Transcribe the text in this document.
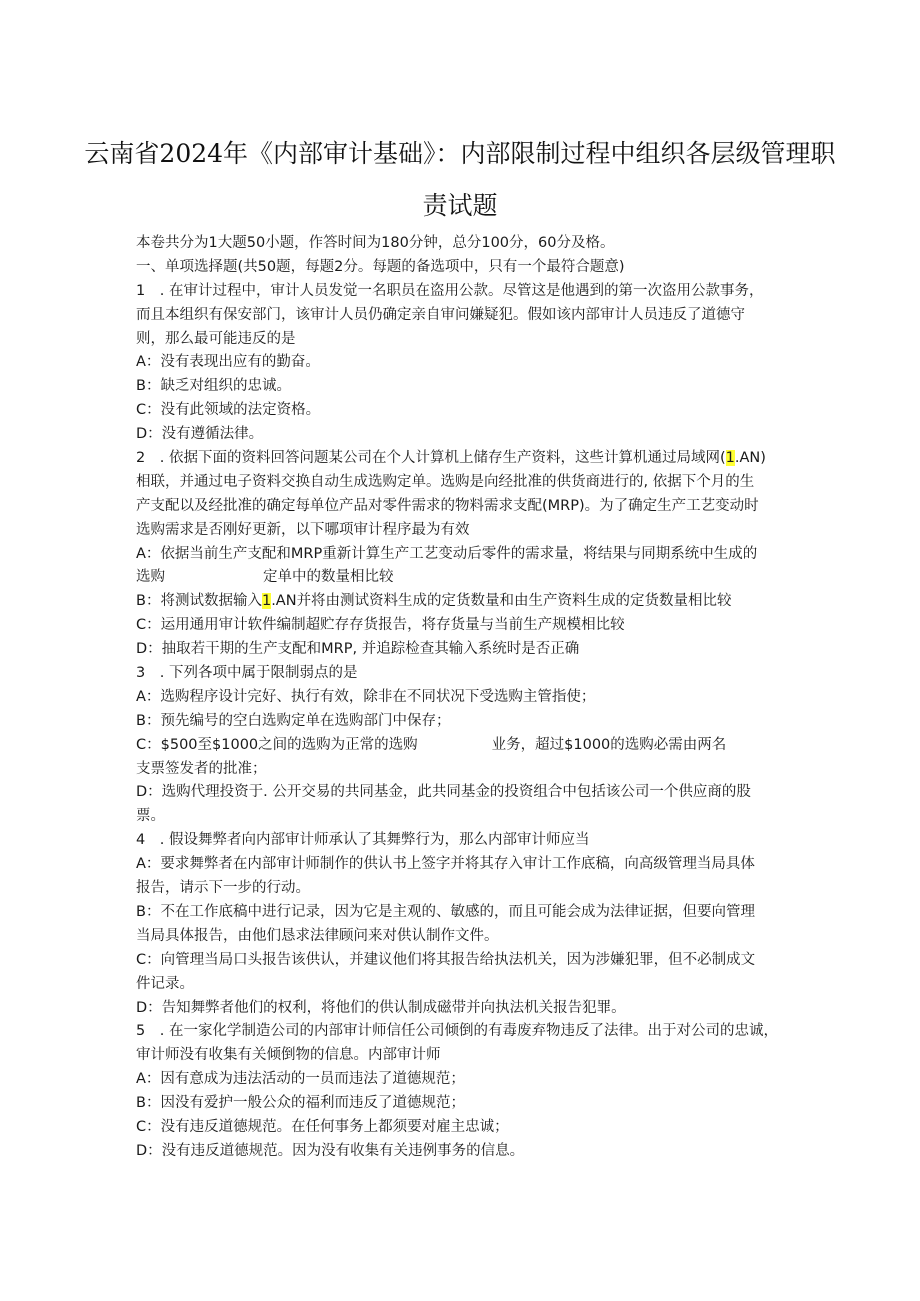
云南省2024年《内部审计基础》：内部限制过程中组织各层级管理职
责试题
本卷共分为1大题50小题，作答时间为180分钟，总分100分，60分及格。
一、单项选择题(共50题，每题2分。每题的备选项中，只有一个最符合题意)
1　. 在审计过程中，审计人员发觉一名职员在盗用公款。尽管这是他遇到的第一次盗用公款事务，
而且本组织有保安部门，该审计人员仍确定亲自审问嫌疑犯。假如该内部审计人员违反了道德守
则，那么最可能违反的是
A：没有表现出应有的勤奋。
B：缺乏对组织的忠诚。
C：没有此领域的法定资格。
D：没有遵循法律。
2　. 依据下面的资料回答问题某公司在个人计算机上储存生产资料，这些计算机通过局域网(1.AN)
相联，并通过电子资料交换自动生成选购定单。选购是向经批准的供货商进行的, 依据下个月的生
产支配以及经批准的确定每单位产品对零件需求的物料需求支配(MRP)。为了确定生产工艺变动时
选购需求是否刚好更新，以下哪项审计程序最为有效
A：依据当前生产支配和MRP重新计算生产工艺变动后零件的需求量，将结果与同期系统中生成的
选购	定单中的数量相比较
B：将测试数据输入1.AN并将由测试资料生成的定货数量和由生产资料生成的定货数量相比较
C：运用通用审计软件编制超贮存存货报告，将存货量与当前生产规模相比较
D：抽取若干期的生产支配和MRP, 并追踪检查其输入系统时是否正确
3　. 下列各项中属于限制弱点的是
A：选购程序设计完好、执行有效，除非在不同状况下受选购主管指使；
B：预先编号的空白选购定单在选购部门中保存；
C：$500至$1000之间的选购为正常的选购	业务，超过$1000的选购必需由两名
支票签发者的批准；
D：选购代理投资于. 公开交易的共同基金，此共同基金的投资组合中包括该公司一个供应商的股
票。
4　. 假设舞弊者向内部审计师承认了其舞弊行为，那么内部审计师应当
A：要求舞弊者在内部审计师制作的供认书上签字并将其存入审计工作底稿，向高级管理当局具体
报告，请示下一步的行动。
B：不在工作底稿中进行记录，因为它是主观的、敏感的，而且可能会成为法律证据，但要向管理
当局具体报告，由他们恳求法律顾问来对供认制作文件。
C：向管理当局口头报告该供认，并建议他们将其报告给执法机关，因为涉嫌犯罪，但不必制成文
件记录。
D：告知舞弊者他们的权利，将他们的供认制成磁带并向执法机关报告犯罪。
5　. 在一家化学制造公司的内部审计师信任公司倾倒的有毒废弃物违反了法律。出于对公司的忠诚，
审计师没有收集有关倾倒物的信息。内部审计师
A：因有意成为违法活动的一员而违法了道德规范；
B：因没有爱护一般公众的福利而违反了道德规范；
C：没有违反道德规范。在任何事务上都须要对雇主忠诚；
D：没有违反道德规范。因为没有收集有关违例事务的信息。
